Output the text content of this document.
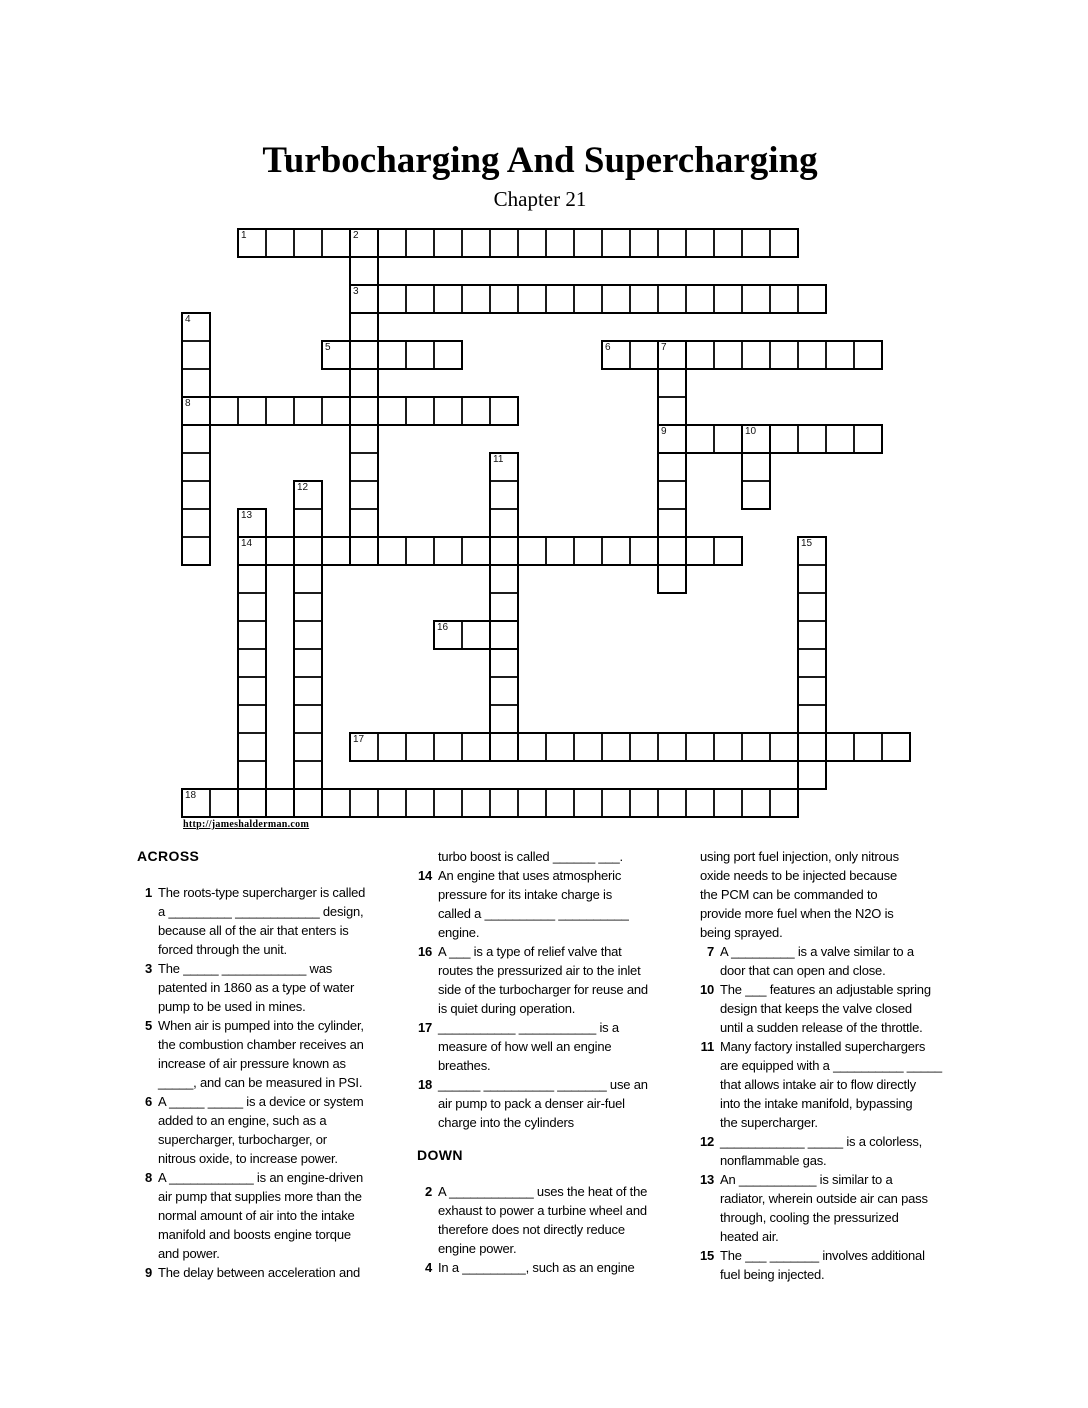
Turbocharging And Supercharging
Chapter 21
1	2
3
4
5	6	7
8
9	10
11
12
13
14	15
16
17
18
http://jameshalderman.com
ACROSS
1 The roots-type supercharger is called
a _________ ____________ design,
because all of the air that enters is
forced through the unit.
3 The _____ ____________ was
patented in 1860 as a type of water
pump to be used in mines.
5 When air is pumped into the cylinder,
the combustion chamber receives an
increase of air pressure known as
_____, and can be measured in PSI.
6 A _____ _____ is a device or system
added to an engine, such as a
supercharger, turbocharger, or
nitrous oxide, to increase power.
8 A ____________ is an engine-driven
air pump that supplies more than the
normal amount of air into the intake
manifold and boosts engine torque
and power.
9 The delay between acceleration and
turbo boost is called ______ ___.
14 An engine that uses atmospheric
pressure for its intake charge is
called a __________ __________
engine.
16 A ___ is a type of relief valve that
routes the pressurized air to the inlet
side of the turbocharger for reuse and
is quiet during operation.
17 ___________ ___________ is a
measure of how well an engine
breathes.
18 ______ __________ _______ use an
air pump to pack a denser air-fuel
charge into the cylinders
DOWN
2 A ____________ uses the heat of the
exhaust to power a turbine wheel and
therefore does not directly reduce
engine power.
4 In a _________, such as an engine
using port fuel injection, only nitrous
oxide needs to be injected because
the PCM can be commanded to
provide more fuel when the N2O is
being sprayed.
7 A _________ is a valve similar to a
door that can open and close.
10 The ___ features an adjustable spring
design that keeps the valve closed
until a sudden release of the throttle.
11 Many factory installed superchargers
are equipped with a __________ _____
that allows intake air to flow directly
into the intake manifold, bypassing
the supercharger.
12 ____________ _____ is a colorless,
nonflammable gas.
13 An ___________ is similar to a
radiator, wherein outside air can pass
through, cooling the pressurized
heated air.
15 The ___ _______ involves additional
fuel being injected.
